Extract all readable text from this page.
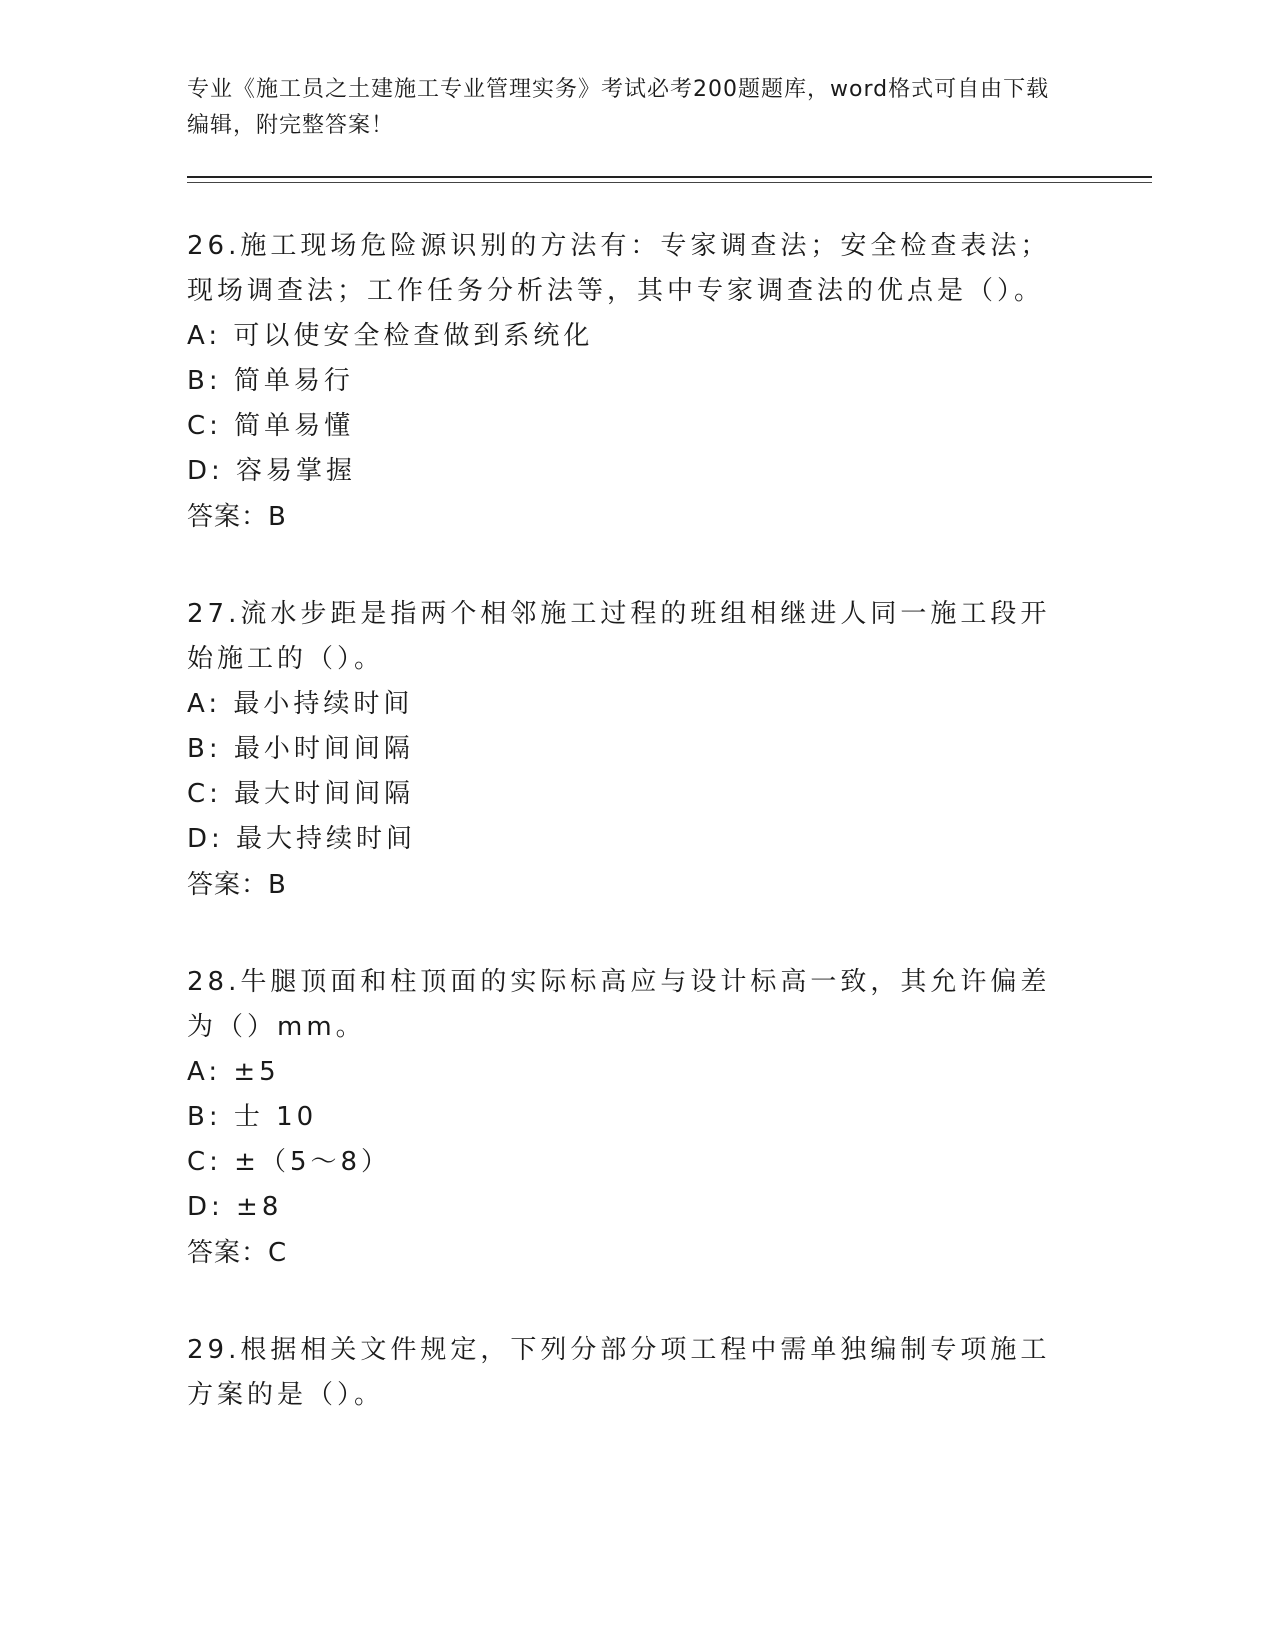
专业《施工员之土建施工专业管理实务》考试必考200题题库，word格式可自由下载编辑，附完整答案！
26.施工现场危险源识别的方法有：专家调查法；安全检查表法；现场调查法；工作任务分析法等，其中专家调查法的优点是（）。
A: 可以使安全检查做到系统化
B: 简单易行
C: 简单易懂
D: 容易掌握
答案：B
27.流水步距是指两个相邻施工过程的班组相继进人同一施工段开始施工的（）。
A: 最小持续时间
B: 最小时间间隔
C: 最大时间间隔
D: 最大持续时间
答案：B
28.牛腿顶面和柱顶面的实际标高应与设计标高一致，其允许偏差为（）mm。
A: ±5
B: 士 10
C: ±（5～8）
D: ±8
答案：C
29.根据相关文件规定，下列分部分项工程中需单独编制专项施工方案的是（）。
